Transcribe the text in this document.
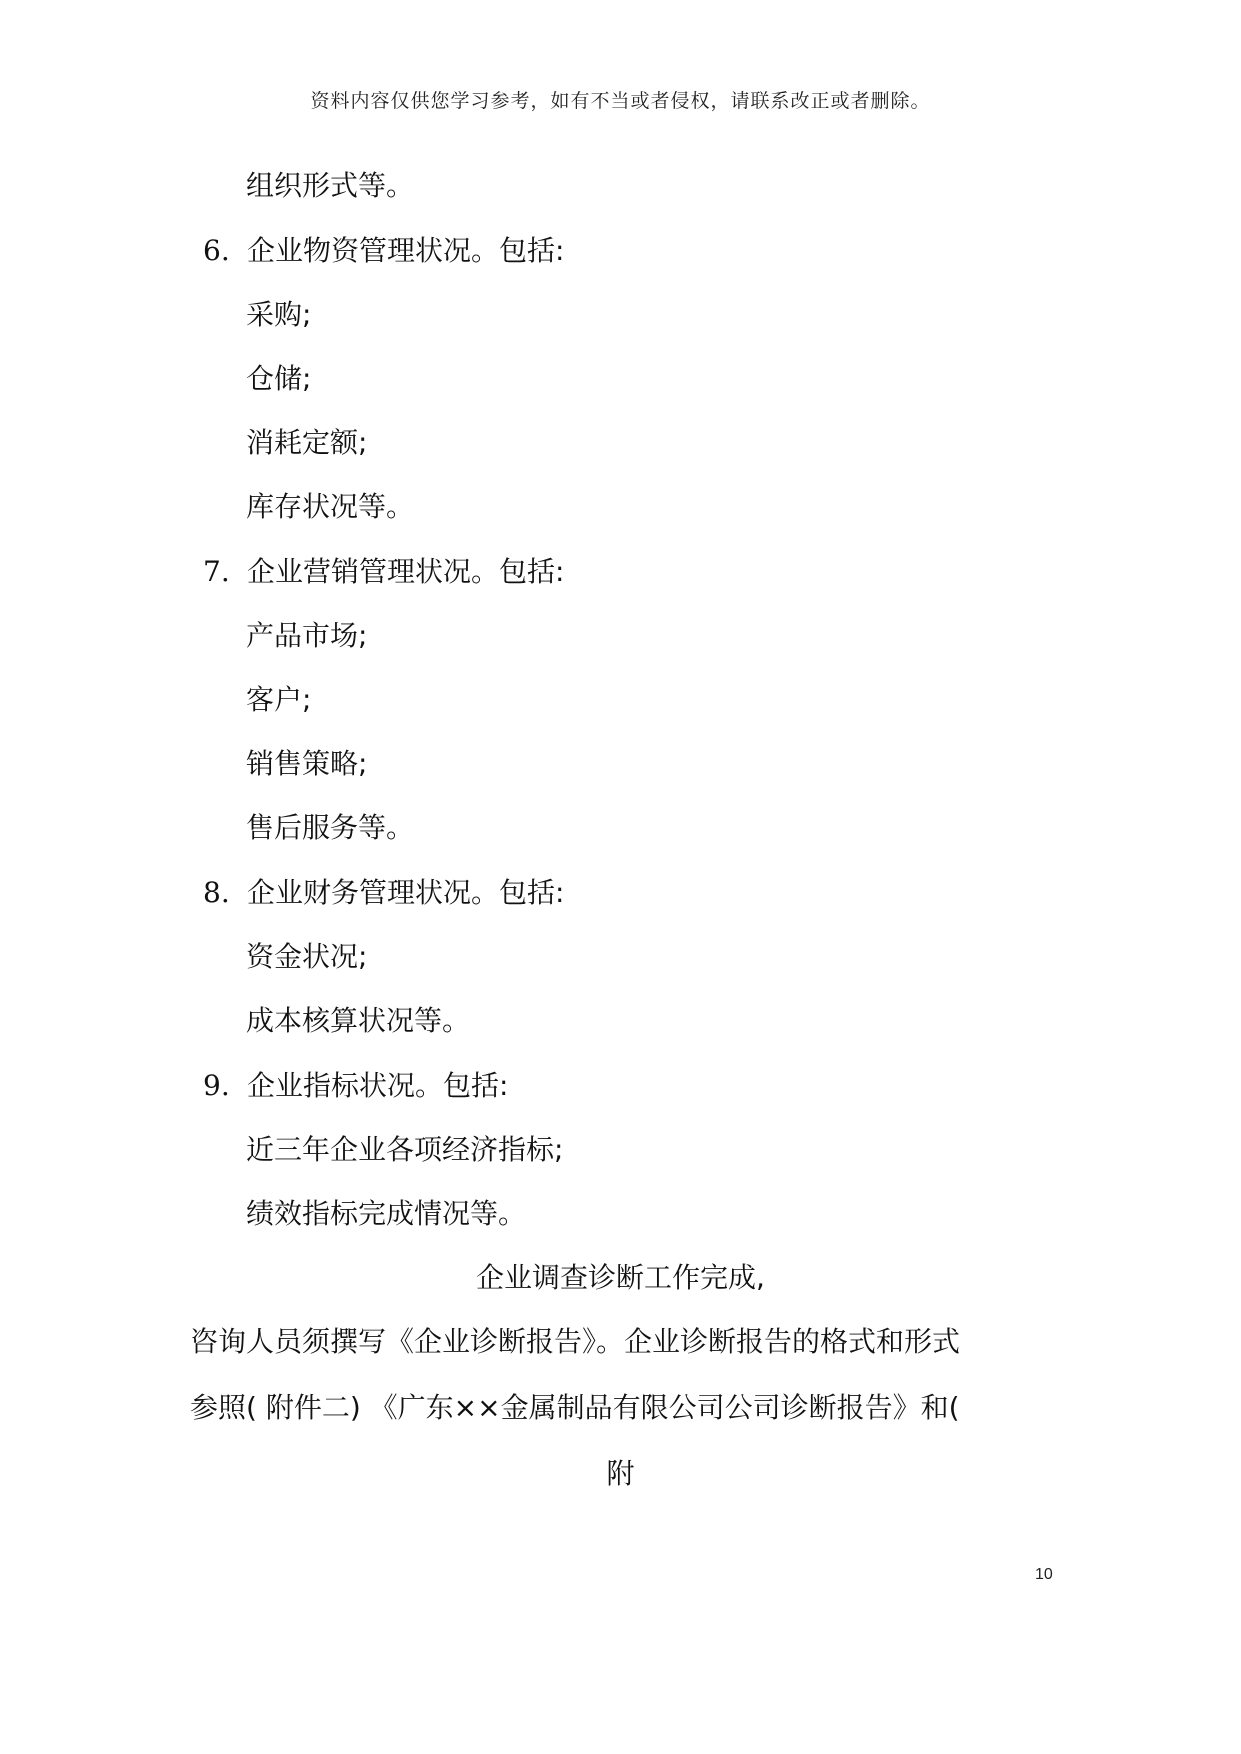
资料内容仅供您学习参考，如有不当或者侵权，请联系改正或者删除。
组织形式等。
6. 企业物资管理状况。包括:
采购;
仓储;
消耗定额;
库存状况等。
7. 企业营销管理状况。包括:
产品市场;
客户;
销售策略;
售后服务等。
8. 企业财务管理状况。包括:
资金状况;
成本核算状况等。
9. 企业指标状况。包括:
近三年企业各项经济指标;
绩效指标完成情况等。
企业调查诊断工作完成,
咨询人员须撰写《企业诊断报告》。企业诊断报告的格式和形式
参照( 附件二) 《广东××金属制品有限公司公司诊断报告》和(
附
10
